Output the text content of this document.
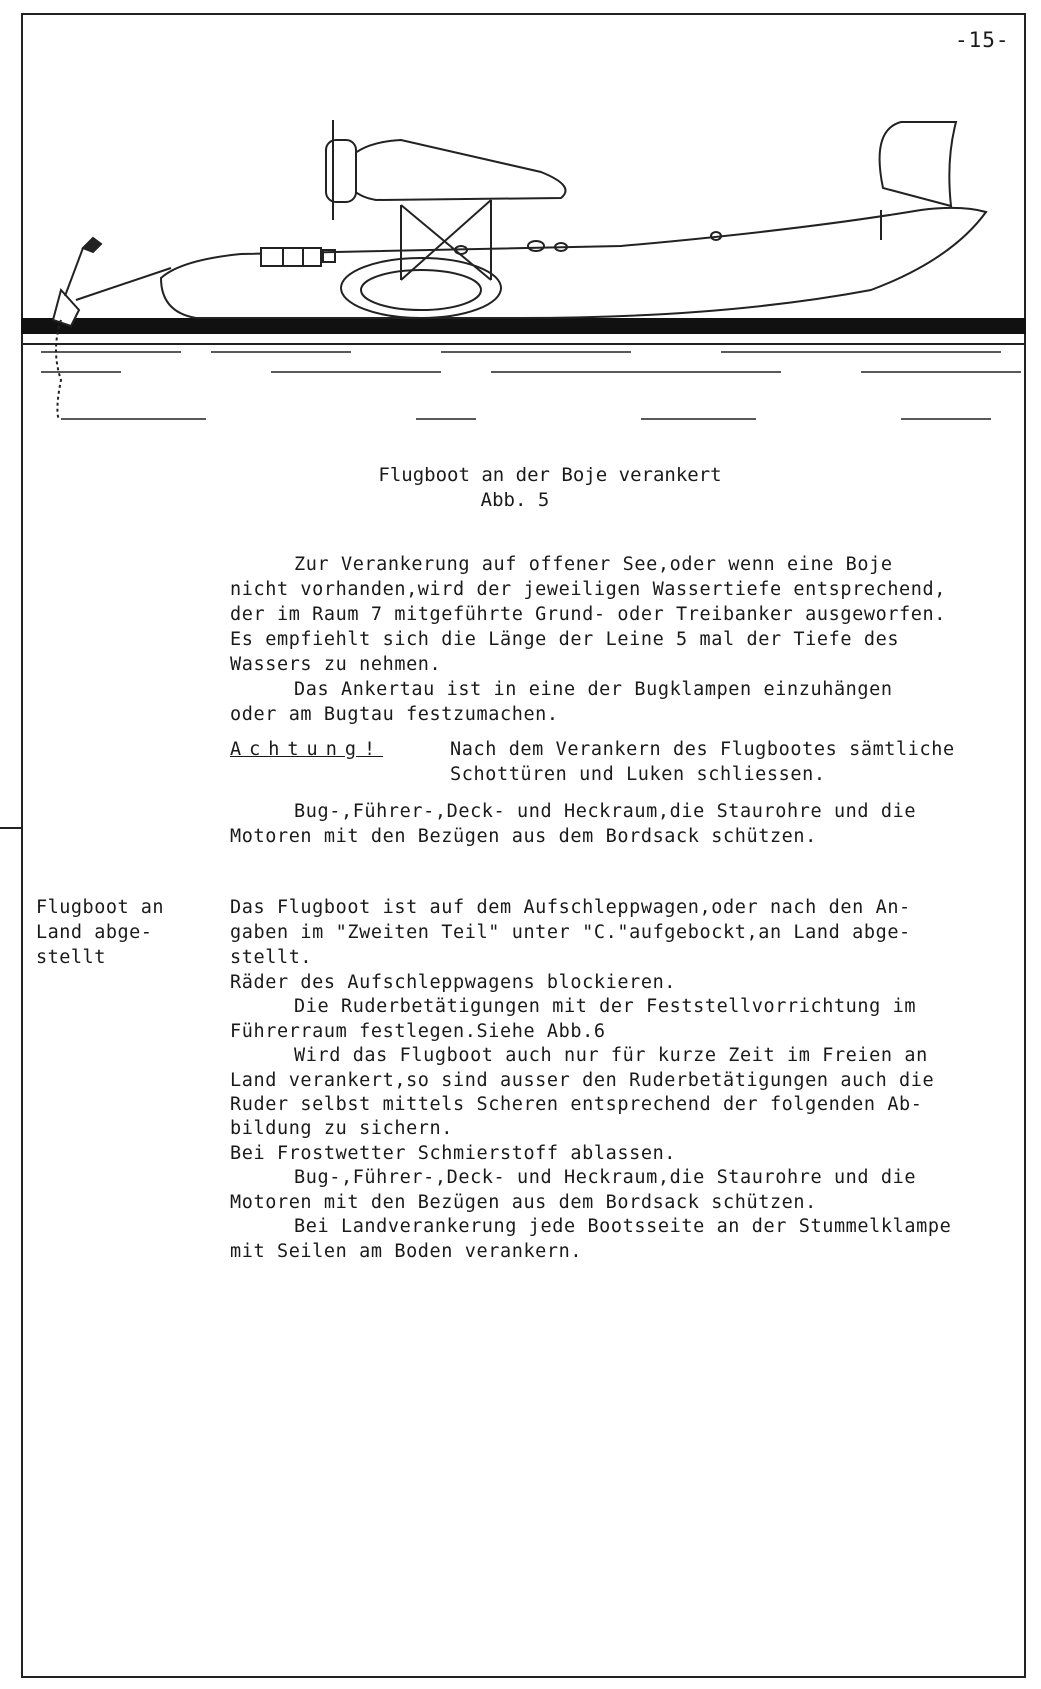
-15-
Flugboot an der Boje verankert
Abb. 5
Zur Verankerung auf offener See,oder wenn eine Boje
nicht vorhanden,wird der jeweiligen Wassertiefe entsprechend,
der im Raum 7 mitgeführte Grund- oder Treibanker ausgeworfen.
Es empfiehlt sich die Länge der Leine 5 mal der Tiefe des
Wassers zu nehmen.
Das Ankertau ist in eine der Bugklampen einzuhängen
oder am Bugtau festzumachen.
Achtung!	Nach dem Verankern des Flugbootes sämtliche
Schottüren und Luken schliessen.
Bug-,Führer-,Deck- und Heckraum,die Staurohre und die
Motoren mit den Bezügen aus dem Bordsack schützen.
Flugboot an
Land abge-
stellt
Das Flugboot ist auf dem Aufschleppwagen,oder nach den An-
gaben im "Zweiten Teil" unter "C."aufgebockt,an Land abge-
stellt.
Räder des Aufschleppwagens blockieren.
Die Ruderbetätigungen mit der Feststellvorrichtung im
Führerraum festlegen.Siehe Abb.6
Wird das Flugboot auch nur für kurze Zeit im Freien an
Land verankert,so sind ausser den Ruderbetätigungen auch die
Ruder selbst mittels Scheren entsprechend der folgenden Ab-
bildung zu sichern.
Bei Frostwetter Schmierstoff ablassen.
Bug-,Führer-,Deck- und Heckraum,die Staurohre und die
Motoren mit den Bezügen aus dem Bordsack schützen.
Bei Landverankerung jede Bootsseite an der Stummelklampe
mit Seilen am Boden verankern.
